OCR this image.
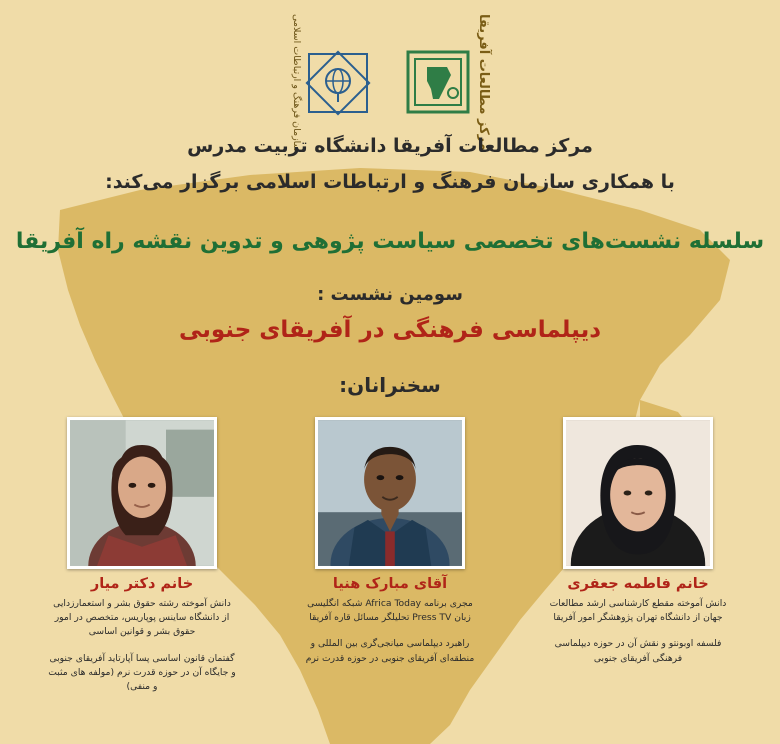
مرکز مطالعات آفریقا
سازمان فرهنگ و ارتباطات اسلامی
مرکز مطالعات آفریقا دانشگاه تربیت مدرس
با همکاری سازمان فرهنگ و ارتباطات اسلامی برگزار می‌کند:
سلسله نشست‌های تخصصی سیاست پژوهی و تدوین نقشه راه آفریقا
سومین نشست :
دیپلماسی فرهنگی در آفریقای جنوبی
سخنرانان:
خانم فاطمه جعفری
دانش آموخته مقطع کارشناسی ارشد مطالعات جهان از دانشگاه تهران پژوهشگر امور آفریقا
فلسفه اوبونتو و نقش آن در حوزه دیپلماسی فرهنگی آفریقای جنوبی
آقای مبارک هنیا
مجری برنامه Africa Today شبکه انگلیسی زبان Press TV تحلیلگر مسائل قاره آفریقا
راهبرد دیپلماسی میانجی‌گری بین المللی و منطقه‌ای آفریقای جنوبی در حوزه قدرت نرم
خانم دکتر میار
دانش آموخته رشته حقوق بشر و استعمارزدایی از دانشگاه ساینس پوپاریس، متخصص در امور حقوق بشر و قوانین اساسی
گفتمان قانون اساسی پسا آپارتاید آفریقای جنوبی و جایگاه آن در حوزه قدرت نرم (مولفه های مثبت و منفی)
